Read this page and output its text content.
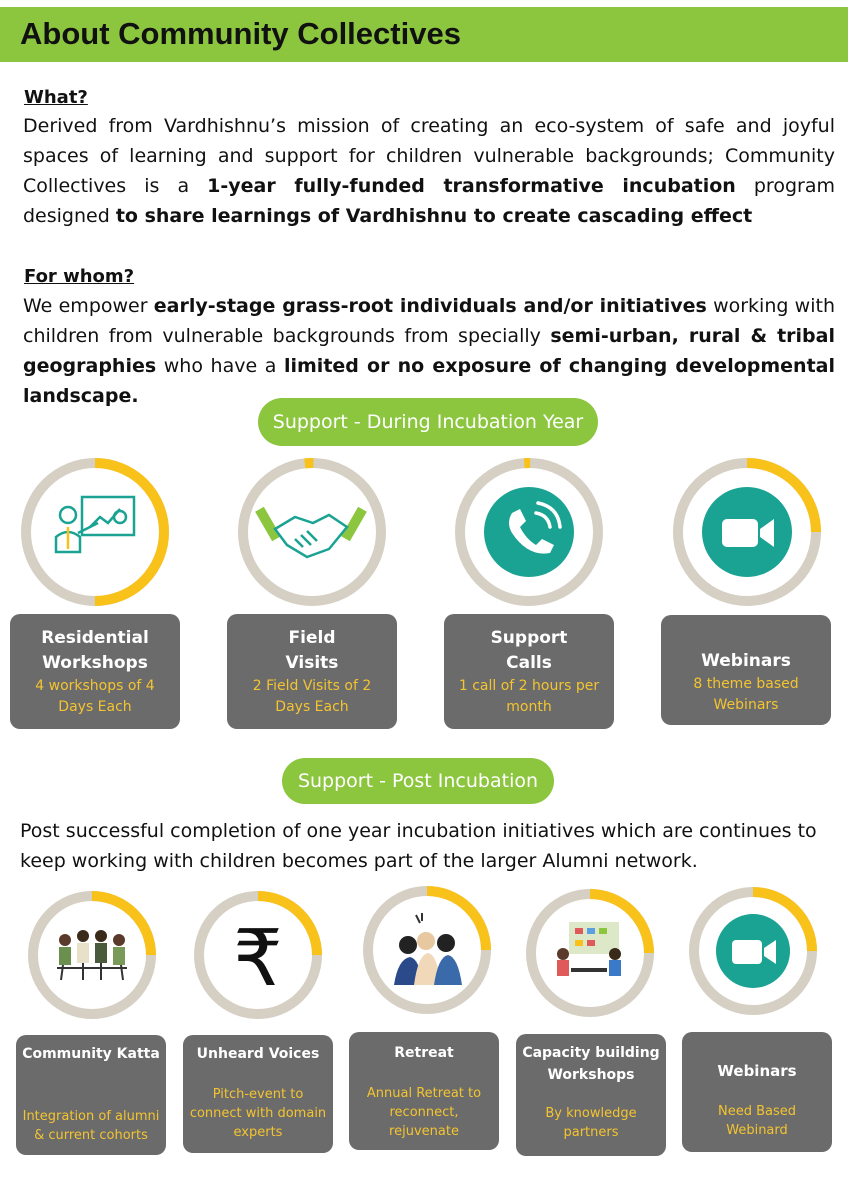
About Community Collectives
What?
Derived from Vardhishnu’s mission of creating an eco-system of safe and joyful spaces of learning and support for children vulnerable backgrounds; Community Collectives is a 1-year fully-funded transformative incubation program designed to share learnings of Vardhishnu to create cascading effect
For whom?
We empower early-stage grass-root individuals and/or initiatives working with children from vulnerable backgrounds from specially semi-urban, rural & tribal geographies who have a limited or no exposure of changing developmental landscape.
Support - During Incubation Year
Residential
Workshops
4 workshops of 4
Days Each
Field
Visits
2 Field Visits of 2
Days Each
Support
Calls
1 call of 2 hours per
month
Webinars
8 theme based
Webinars
Support - Post Incubation
Post successful completion of one year incubation initiatives which are continues to
keep working with children becomes part of the larger Alumni network.
₹
Community Katta
Integration of alumni
& current cohorts
Unheard Voices
Pitch-event to
connect with domain
experts
Retreat
Annual Retreat to
reconnect,
rejuvenate
Capacity building
Workshops
By knowledge
partners
Webinars
Need Based
Webinard
